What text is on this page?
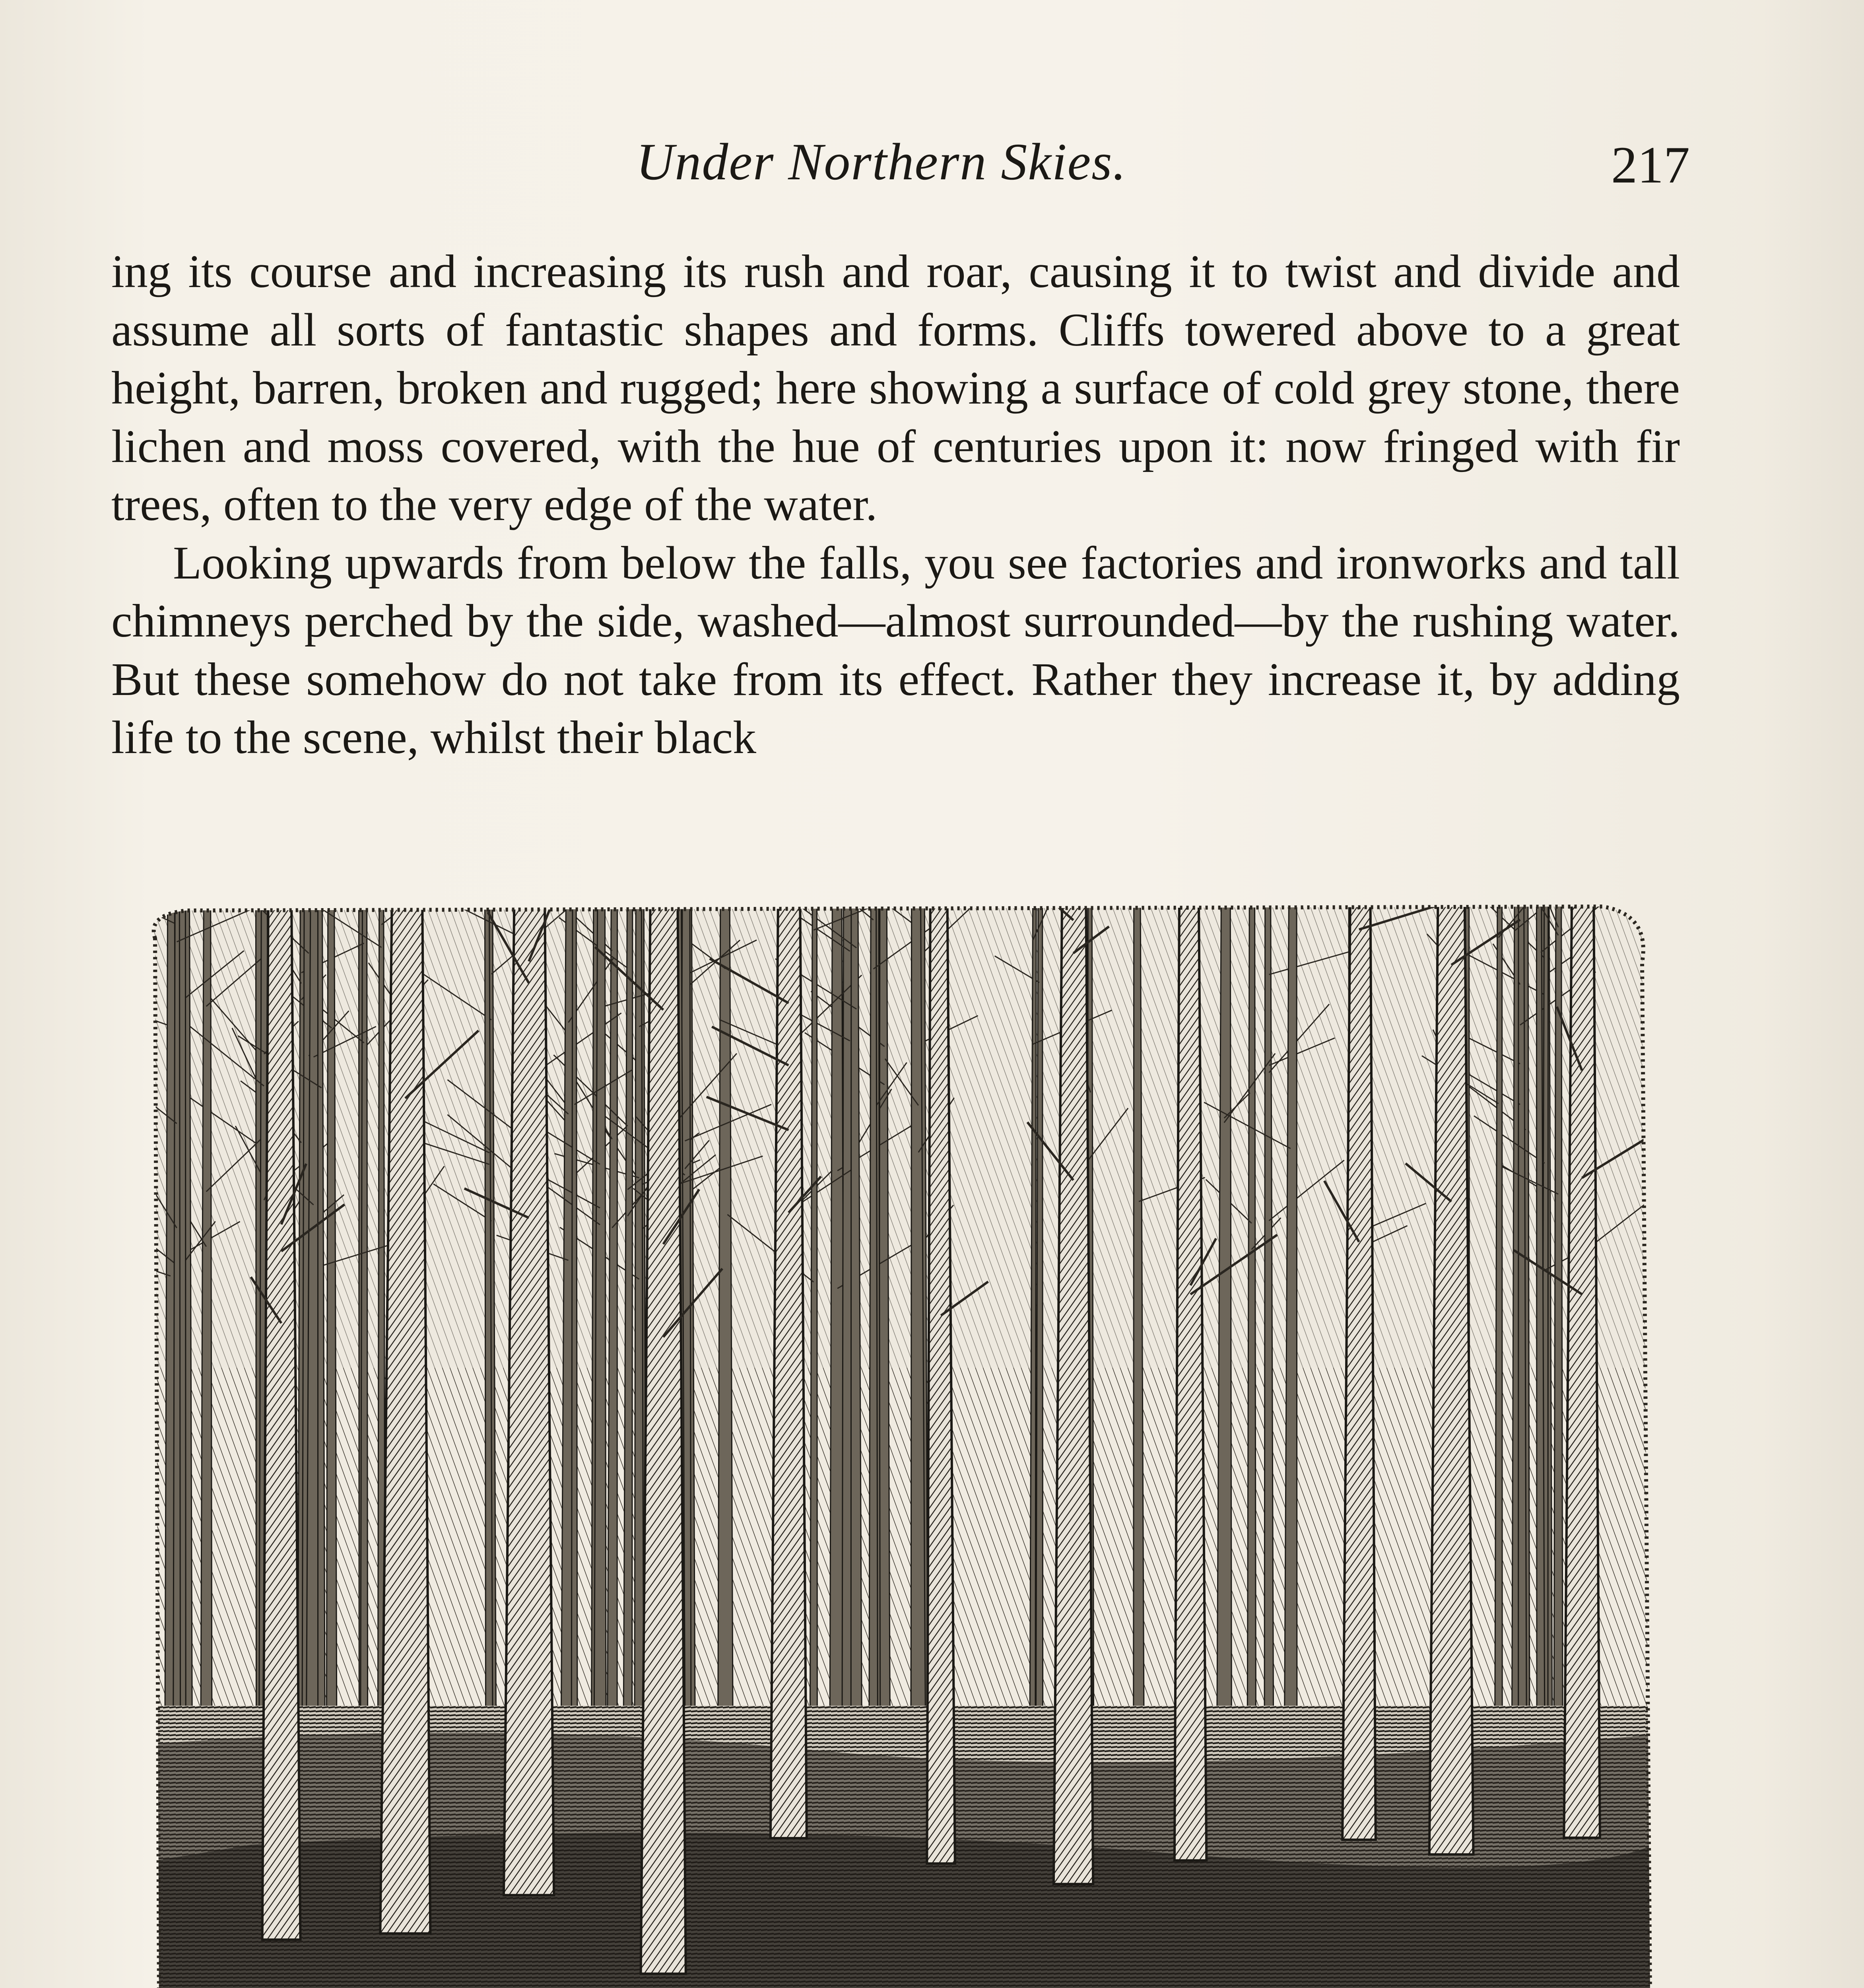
Under Northern Skies.	217

ing its course and increasing its rush and roar, causing it to twist and divide and assume all sorts of fantastic shapes and forms. Cliffs towered above to a great height, barren, broken and rugged; here showing a surface of cold grey stone, there lichen and moss covered, with the hue of centuries upon it: now fringed with fir trees, often to the very edge of the water.

Looking upwards from below the falls, you see factories and ironworks and tall chimneys perched by the side, washed—almost surrounded—by the rushing water. But these somehow do not take from its effect. Rather they increase it, by adding life to the scene, whilst their black
